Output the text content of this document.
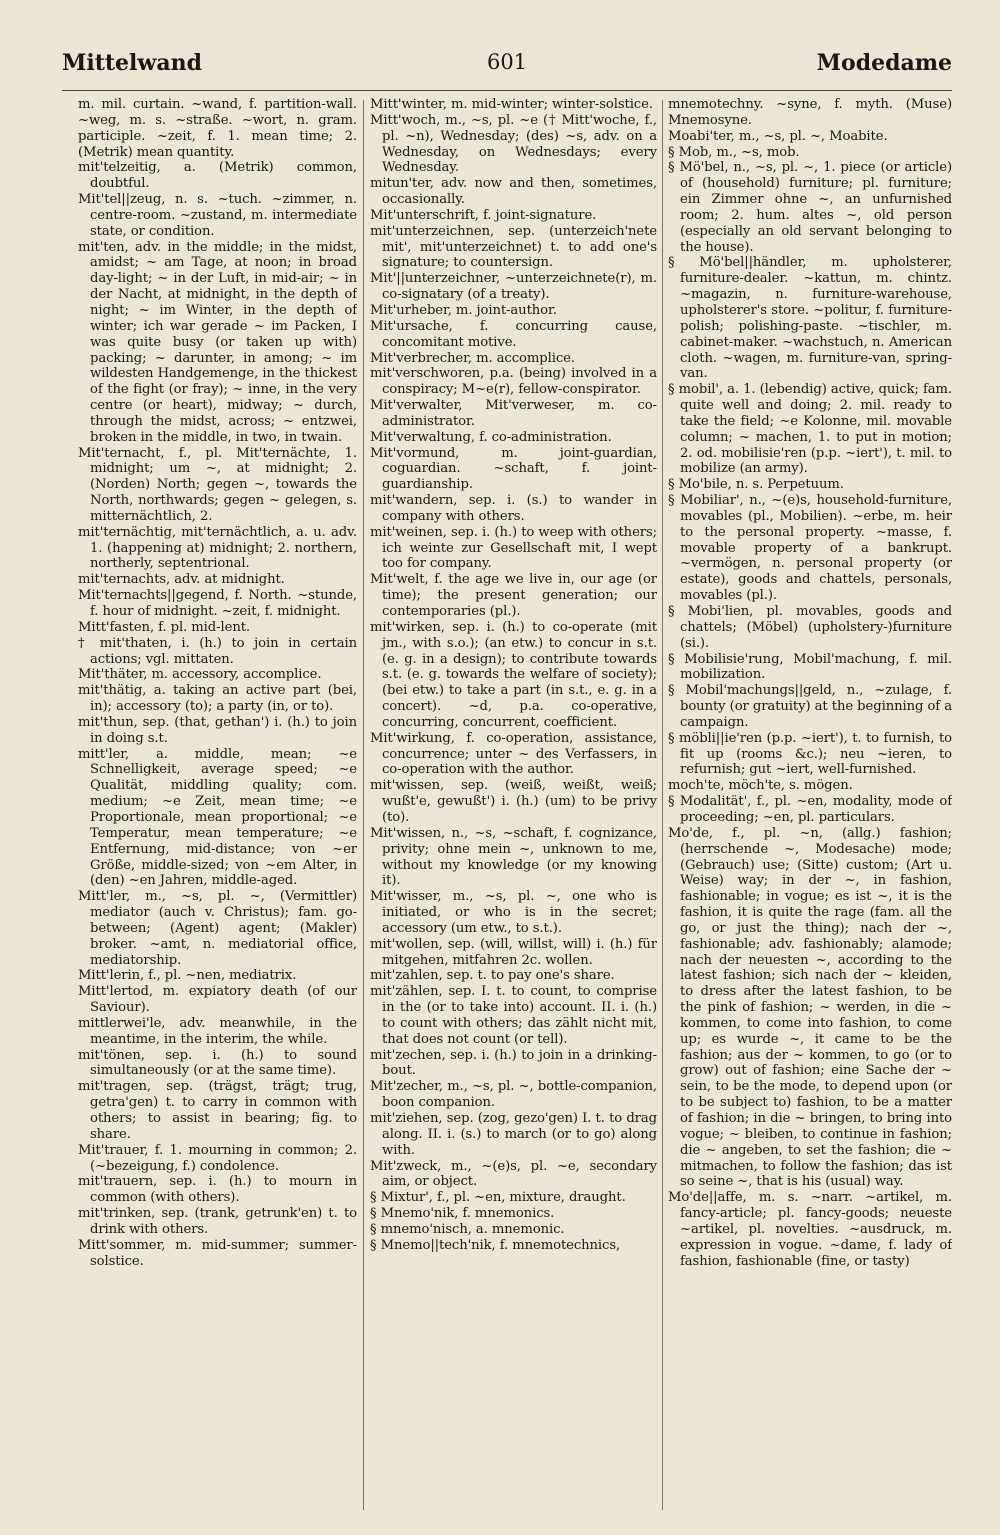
Mittelwand	601	Modedame

m. mil. curtain. ~wand, f. partition-wall. ~weg, m. s. ~straße. ~wort, n. gram. participle. ~zeit, f. 1. mean time; 2. (Metrik) mean quantity.

mit'telzeitig, a. (Metrik) common, doubtful.

Mit'tel||zeug, n. s. ~tuch. ~zimmer, n. centre-room. ~zustand, m. intermediate state, or condition.

mit'ten, adv. in the middle; in the midst, amidst; ~ am Tage, at noon; in broad day-light; ~ in der Luft, in mid-air; ~ in der Nacht, at midnight, in the depth of night; ~ im Winter, in the depth of winter; ich war gerade ~ im Packen, I was quite busy (or taken up with) packing; ~ darunter, in among; ~ im wildesten Handgemenge, in the thickest of the fight (or fray); ~ inne, in the very centre (or heart), midway; ~ durch, through the midst, across; ~ entzwei, broken in the middle, in two, in twain.

Mit'ternacht, f., pl. Mit'ternächte, 1. midnight; um ~, at midnight; 2. (Norden) North; gegen ~, towards the North, northwards; gegen ~ gelegen, s. mitternächtlich, 2.

mit'ternächtig, mit'ternächtlich, a. u. adv. 1. (happening at) midnight; 2. northern, northerly, septentrional.

mit'ternachts, adv. at midnight.

Mit'ternachts||gegend, f. North. ~stunde, f. hour of midnight. ~zeit, f. midnight.

Mitt'fasten, f. pl. mid-lent.

† mit'thaten, i. (h.) to join in certain actions; vgl. mittaten.

Mit'thäter, m. accessory, accomplice.

mit'thätig, a. taking an active part (bei, in); accessory (to); a party (in, or to).

mit'thun, sep. (that, gethan') i. (h.) to join in doing s.t.

mitt'ler, a. middle, mean; ~e Schnelligkeit, average speed; ~e Qualität, middling quality; com. medium; ~e Zeit, mean time; ~e Proportionale, mean proportional; ~e Temperatur, mean temperature; ~e Entfernung, mid-distance; von ~er Größe, middle-sized; von ~em Alter, in (den) ~en Jahren, middle-aged.

Mitt'ler, m., ~s, pl. ~, (Vermittler) mediator (auch v. Christus); fam. go-between; (Agent) agent; (Makler) broker. ~amt, n. mediatorial office, mediatorship.

Mitt'lerin, f., pl. ~nen, mediatrix.

Mitt'lertod, m. expiatory death (of our Saviour).

mittlerwei'le, adv. meanwhile, in the meantime, in the interim, the while.

mit'tönen, sep. i. (h.) to sound simultaneously (or at the same time).

mit'tragen, sep. (trägst, trägt; trug, getra'gen) t. to carry in common with others; to assist in bearing; fig. to share.

Mit'trauer, f. 1. mourning in common; 2. (~bezeigung, f.) condolence.

mit'trauern, sep. i. (h.) to mourn in common (with others).

mit'trinken, sep. (trank, getrunk'en) t. to drink with others.

Mitt'sommer, m. mid-summer; summer-solstice.

Mitt'winter, m. mid-winter; winter-solstice.

Mitt'woch, m., ~s, pl. ~e († Mitt'woche, f., pl. ~n), Wednesday; (des) ~s, adv. on a Wednesday, on Wednesdays; every Wednesday.

mitun'ter, adv. now and then, sometimes, occasionally.

Mit'unterschrift, f. joint-signature.

mit'unterzeichnen, sep. (unterzeich'nete mit', mit'unterzeichnet) t. to add one's signature; to countersign.

Mit'||unterzeichner, ~unterzeichnete(r), m. co-signatary (of a treaty).

Mit'urheber, m. joint-author.

Mit'ursache, f. concurring cause, concomitant motive.

Mit'verbrecher, m. accomplice.

mit'verschworen, p.a. (being) involved in a conspiracy; M~e(r), fellow-conspirator.

Mit'verwalter, Mit'verweser, m. co-administrator.

Mit'verwaltung, f. co-administration.

Mit'vormund, m. joint-guardian, coguardian. ~schaft, f. joint-guardianship.

mit'wandern, sep. i. (s.) to wander in company with others.

mit'weinen, sep. i. (h.) to weep with others; ich weinte zur Gesellschaft mit, I wept too for company.

Mit'welt, f. the age we live in, our age (or time); the present generation; our contemporaries (pl.).

mit'wirken, sep. i. (h.) to co-operate (mit jm., with s.o.); (an etw.) to concur in s.t. (e. g. in a design); to contribute towards s.t. (e. g. towards the welfare of society); (bei etw.) to take a part (in s.t., e. g. in a concert). ~d, p.a. co-operative, concurring, concurrent, coefficient.

Mit'wirkung, f. co-operation, assistance, concurrence; unter ~ des Verfassers, in co-operation with the author.

mit'wissen, sep. (weiß, weißt, weiß; wußt'e, gewußt') i. (h.) (um) to be privy (to).

Mit'wissen, n., ~s, ~schaft, f. cognizance, privity; ohne mein ~, unknown to me, without my knowledge (or my knowing it).

Mit'wisser, m., ~s, pl. ~, one who is initiated, or who is in the secret; accessory (um etw., to s.t.).

mit'wollen, sep. (will, willst, will) i. (h.) für mitgehen, mitfahren 2c. wollen.

mit'zahlen, sep. t. to pay one's share.

mit'zählen, sep. I. t. to count, to comprise in the (or to take into) account. II. i. (h.) to count with others; das zählt nicht mit, that does not count (or tell).

mit'zechen, sep. i. (h.) to join in a drinking-bout.

Mit'zecher, m., ~s, pl. ~, bottle-companion, boon companion.

mit'ziehen, sep. (zog, gezo'gen) I. t. to drag along. II. i. (s.) to march (or to go) along with.

Mit'zweck, m., ~(e)s, pl. ~e, secondary aim, or object.

§ Mixtur', f., pl. ~en, mixture, draught.

§ Mnemo'nik, f. mnemonics.

§ mnemo'nisch, a. mnemonic.

§ Mnemo||tech'nik, f. mnemotechnics,

mnemotechny. ~syne, f. myth. (Muse) Mnemosyne.

Moabi'ter, m., ~s, pl. ~, Moabite.

§ Mob, m., ~s, mob.

§ Mö'bel, n., ~s, pl. ~, 1. piece (or article) of (household) furniture; pl. furniture; ein Zimmer ohne ~, an unfurnished room; 2. hum. altes ~, old person (especially an old servant belonging to the house).

§ Mö'bel||händler, m. upholsterer, furniture-dealer. ~kattun, m. chintz. ~magazin, n. furniture-warehouse, upholsterer's store. ~politur, f. furniture-polish; polishing-paste. ~tischler, m. cabinet-maker. ~wachstuch, n. American cloth. ~wagen, m. furniture-van, spring-van.

§ mobil', a. 1. (lebendig) active, quick; fam. quite well and doing; 2. mil. ready to take the field; ~e Kolonne, mil. movable column; ~ machen, 1. to put in motion; 2. od. mobilisie'ren (p.p. ~iert'), t. mil. to mobilize (an army).

§ Mo'bile, n. s. Perpetuum.

§ Mobiliar', n., ~(e)s, household-furniture, movables (pl., Mobilien). ~erbe, m. heir to the personal property. ~masse, f. movable property of a bankrupt. ~vermögen, n. personal property (or estate), goods and chattels, personals, movables (pl.).

§ Mobi'lien, pl. movables, goods and chattels; (Möbel) (upholstery-)furniture (si.).

§ Mobilisie'rung, Mobil'machung, f. mil. mobilization.

§ Mobil'machungs||geld, n., ~zulage, f. bounty (or gratuity) at the beginning of a campaign.

§ möbli||ie'ren (p.p. ~iert'), t. to furnish, to fit up (rooms &c.); neu ~ieren, to refurnish; gut ~iert, well-furnished.

moch'te, möch'te, s. mögen.

§ Modalität', f., pl. ~en, modality, mode of proceeding; ~en, pl. particulars.

Mo'de, f., pl. ~n, (allg.) fashion; (herrschende ~, Modesache) mode; (Gebrauch) use; (Sitte) custom; (Art u. Weise) way; in der ~, in fashion, fashionable; in vogue; es ist ~, it is the fashion, it is quite the rage (fam. all the go, or just the thing); nach der ~, fashionable; adv. fashionably; alamode; nach der neuesten ~, according to the latest fashion; sich nach der ~ kleiden, to dress after the latest fashion, to be the pink of fashion; ~ werden, in die ~ kommen, to come into fashion, to come up; es wurde ~, it came to be the fashion; aus der ~ kommen, to go (or to grow) out of fashion; eine Sache der ~ sein, to be the mode, to depend upon (or to be subject to) fashion, to be a matter of fashion; in die ~ bringen, to bring into vogue; ~ bleiben, to continue in fashion; die ~ angeben, to set the fashion; die ~ mitmachen, to follow the fashion; das ist so seine ~, that is his (usual) way.

Mo'de||affe, m. s. ~narr. ~artikel, m. fancy-article; pl. fancy-goods; neueste ~artikel, pl. novelties. ~ausdruck, m. expression in vogue. ~dame, f. lady of fashion, fashionable (fine, or tasty)
